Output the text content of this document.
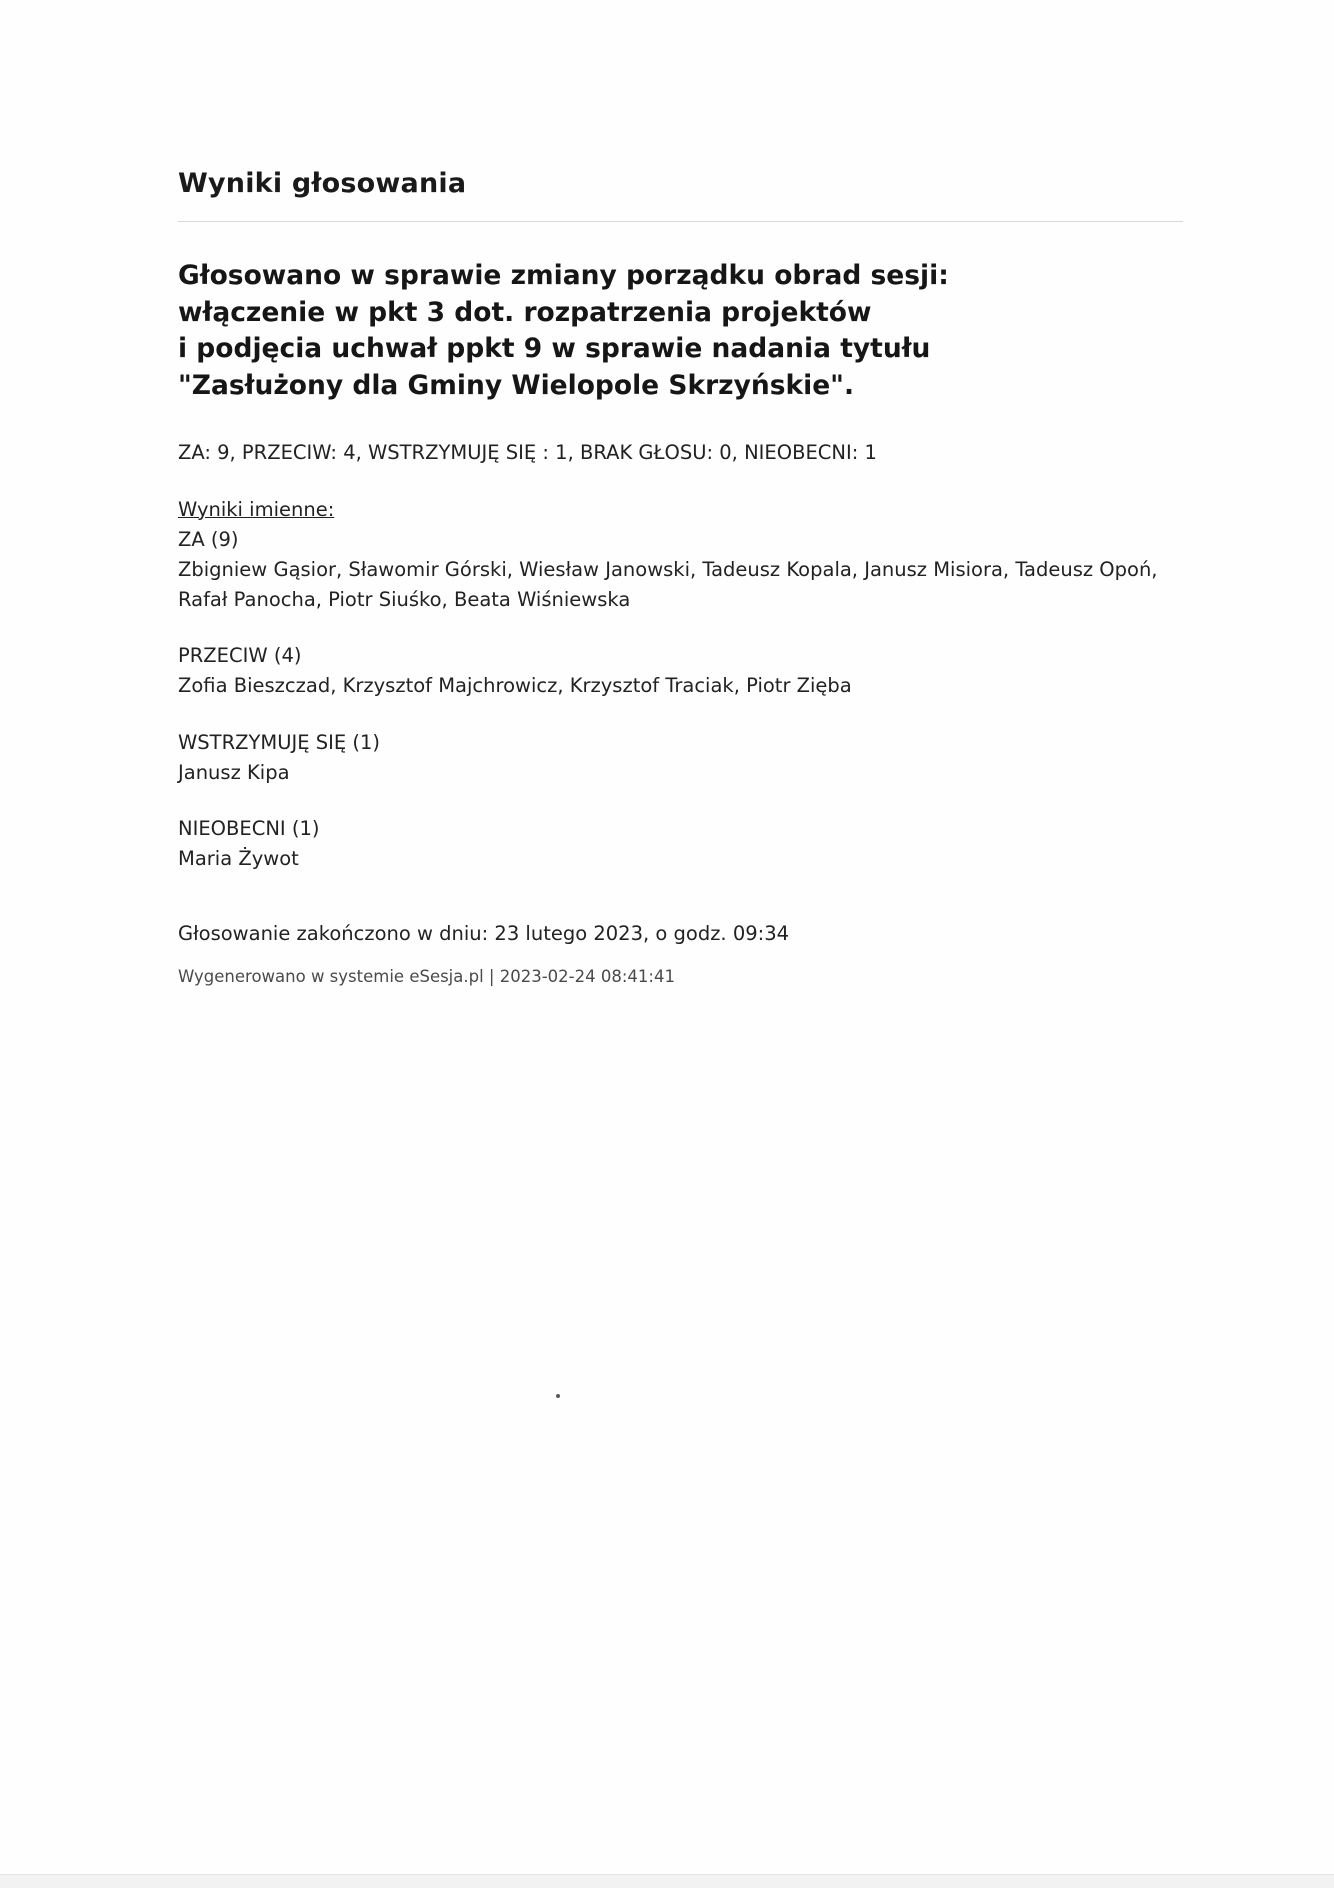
Wyniki głosowania
Głosowano w sprawie zmiany porządku obrad sesji:
włączenie w pkt 3 dot. rozpatrzenia projektów
i podjęcia uchwał ppkt 9 w sprawie nadania tytułu
"Zasłużony dla Gminy Wielopole Skrzyńskie".

ZA: 9, PRZECIW: 4, WSTRZYMUJĘ SIĘ : 1, BRAK GŁOSU: 0, NIEOBECNI: 1

Wyniki imienne:

ZA (9)

Zbigniew Gąsior, Sławomir Górski, Wiesław Janowski, Tadeusz Kopala, Janusz Misiora, Tadeusz Opoń, Rafał Panocha, Piotr Siuśko, Beata Wiśniewska

PRZECIW (4)

Zofia Bieszczad, Krzysztof Majchrowicz, Krzysztof Traciak, Piotr Zięba

WSTRZYMUJĘ SIĘ (1)

Janusz Kipa

NIEOBECNI (1)

Maria Żywot

Głosowanie zakończono w dniu: 23 lutego 2023, o godz. 09:34

Wygenerowano w systemie eSesja.pl | 2023-02-24 08:41:41
